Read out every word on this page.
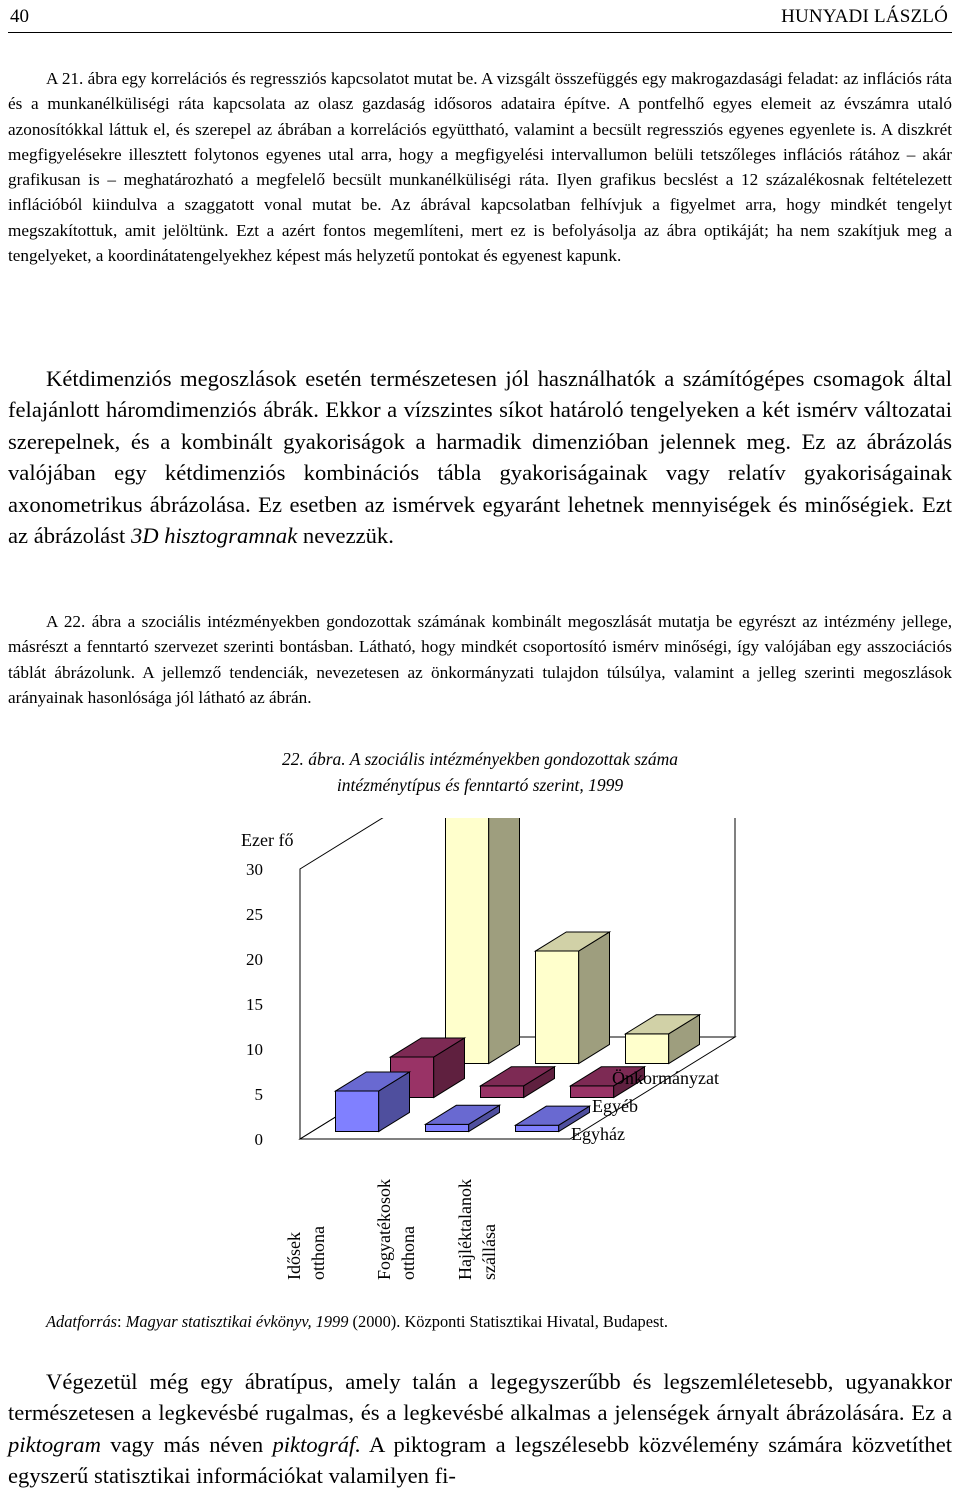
40	HUNYADI LÁSZLÓ

A 21. ábra egy korrelációs és regressziós kapcsolatot mutat be. A vizsgált összefüggés egy makrogazdasági feladat: az inflációs ráta és a munkanélküliségi ráta kapcsolata az olasz gazdaság idősoros adataira építve. A pontfelhő egyes elemeit az évszámra utaló azonosítókkal láttuk el, és szerepel az ábrában a korrelációs együttható, valamint a becsült regressziós egyenes egyenlete is. A diszkrét megfigyelésekre illesztett folytonos egyenes utal arra, hogy a megfigyelési intervallumon belüli tetszőleges inflációs rátához – akár grafikusan is – meghatározható a megfelelő becsült munkanélküliségi ráta. Ilyen grafikus becslést a 12 százalékosnak feltételezett inflációból kiindulva a szaggatott vonal mutat be. Az ábrával kapcsolatban felhívjuk a figyelmet arra, hogy mindkét tengelyt megszakítottuk, amit jelöltünk. Ezt a azért fontos megemlíteni, mert ez is befolyásolja az ábra optikáját; ha nem szakítjuk meg a tengelyeket, a koordinátatengelyekhez képest más helyzetű pontokat és egyenest kapunk.

Kétdimenziós megoszlások esetén természetesen jól használhatók a számítógépes csomagok által felajánlott háromdimenziós ábrák. Ekkor a vízszintes síkot határoló tengelyeken a két ismérv változatai szerepelnek, és a kombinált gyakoriságok a harmadik dimenzióban jelennek meg. Ez az ábrázolás valójában egy kétdimenziós kombinációs tábla gyakoriságainak vagy relatív gyakoriságainak axonometrikus ábrázolása. Ez esetben az ismérvek egyaránt lehetnek mennyiségek és minőségiek. Ezt az ábrázolást 3D hisztogramnak nevezzük.

A 22. ábra a szociális intézményekben gondozottak számának kombinált megoszlását mutatja be egyrészt az intézmény jellege, másrészt a fenntartó szervezet szerinti bontásban. Látható, hogy mindkét csoportosító ismérv minőségi, így valójában egy asszociációs táblát ábrázolunk. A jellemző tendenciák, nevezetesen az önkormányzati tulajdon túlsúlya, valamint a jelleg szerinti megoszlások arányainak hasonlósága jól látható az ábrán.

22. ábra. A szociális intézményekben gondozottak száma
intézménytípus és fenntartó szerint, 1999
0
5
10
15
20
25
30
Ezer fő
Egyház
Egyéb
Önkormányzat
Idősek otthona	Fogyatékosok otthona Hajléktalanok szállása
Adatforrás: Magyar statisztikai évkönyv, 1999 (2000). Központi Statisztikai Hivatal, Budapest.

Végezetül még egy ábratípus, amely talán a legegyszerűbb és legszemléletesebb, ugyanakkor természetesen a legkevésbé rugalmas, és a legkevésbé alkalmas a jelenségek árnyalt ábrázolására. Ez a piktogram vagy más néven piktográf. A piktogram a legszélesebb közvélemény számára közvetíthet egyszerű statisztikai információkat valamilyen fi-
